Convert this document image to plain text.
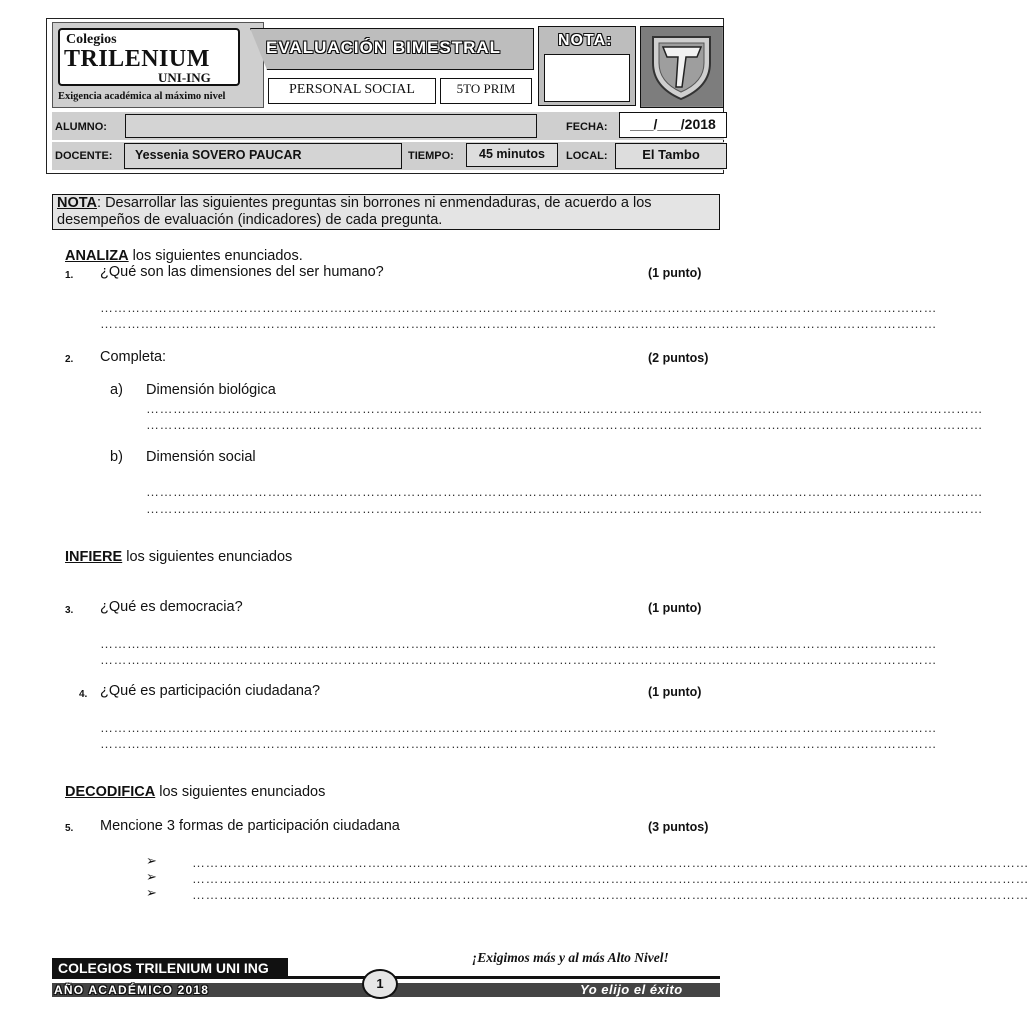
Colegios
TRILENIUM
UNI-ING
Exigencia académica al máximo nivel
EVALUACIÓN BIMESTRAL
PERSONAL SOCIAL	5TO PRIM
NOTA:
ALUMNO:	FECHA:	___/___/2018
DOCENTE:	Yessenia SOVERO PAUCAR	TIEMPO:	45 minutos	LOCAL:	El Tambo
NOTA: Desarrollar las siguientes preguntas sin borrones ni enmendaduras, de acuerdo a los desempeños de evaluación (indicadores) de cada pregunta.
ANALIZA los siguientes enunciados.
1. ¿Qué son las dimensiones del ser humano?	(1 punto)
……………………………………………………………………………………………………………………………………………………………………
……………………………………………………………………………………………………………………………………………………………………
2. Completa:	(2 puntos)
a) Dimensión biológica
……………………………………………………………………………………………………………………………………………………………………
……………………………………………………………………………………………………………………………………………………………………
b) Dimensión social
……………………………………………………………………………………………………………………………………………………………………
……………………………………………………………………………………………………………………………………………………………………
INFIERE los siguientes enunciados
3. ¿Qué es democracia?	(1 punto)
……………………………………………………………………………………………………………………………………………………………………
……………………………………………………………………………………………………………………………………………………………………
4. ¿Qué es participación ciudadana?	(1 punto)
……………………………………………………………………………………………………………………………………………………………………
……………………………………………………………………………………………………………………………………………………………………
DECODIFICA los siguientes enunciados
5. Mencione 3 formas de participación ciudadana	(3 puntos)
➢	……………………………………………………………………………………………………………………………………………………………………
➢	……………………………………………………………………………………………………………………………………………………………………
➢	……………………………………………………………………………………………………………………………………………………………………
¡Exigimos más y al más Alto Nivel!
COLEGIOS TRILENIUM UNI ING
AÑO ACADÉMICO 2018	Yo elijo el éxito
1
